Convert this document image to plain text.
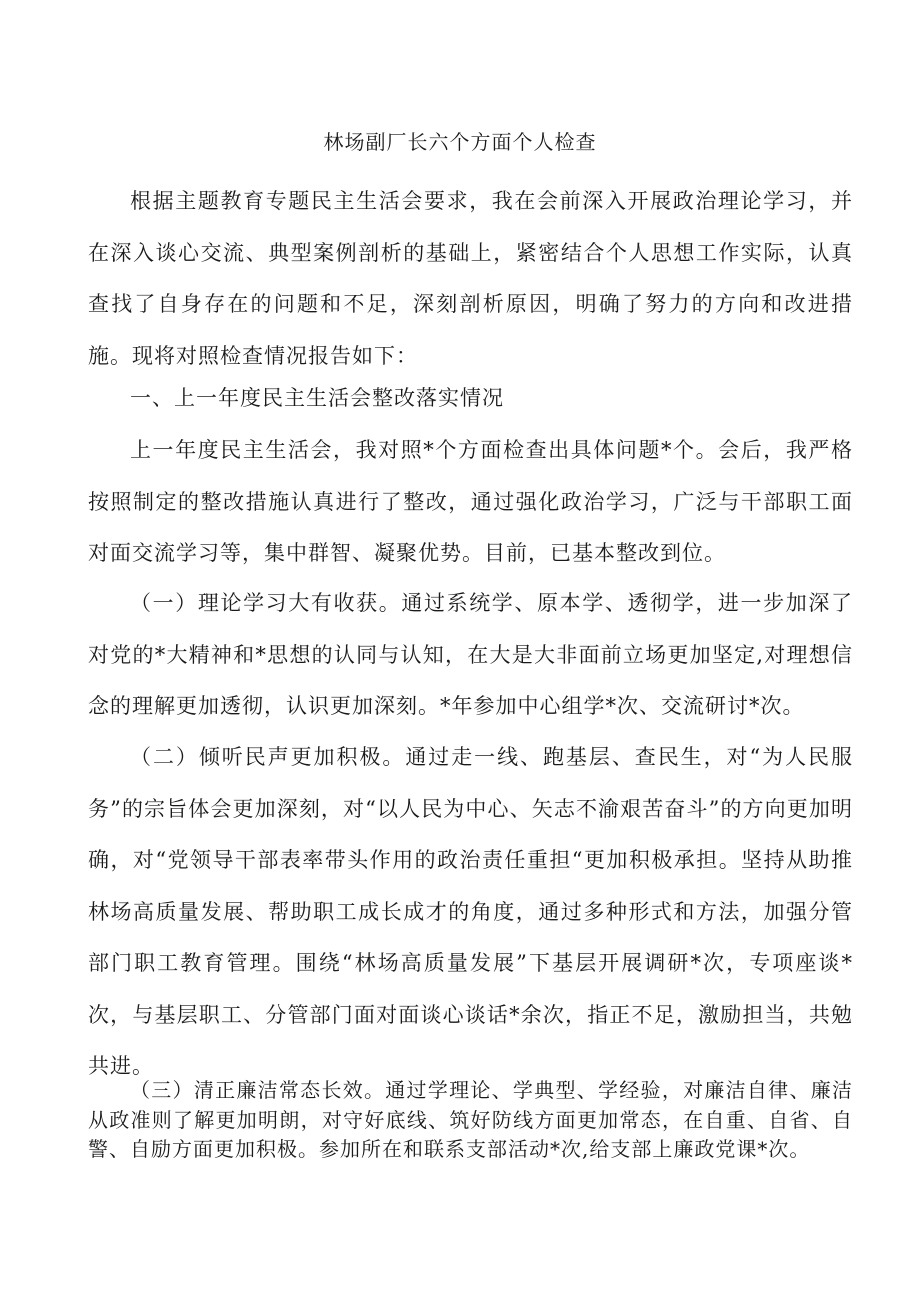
林场副厂长六个方面个人检查

根据主题教育专题民主生活会要求，我在会前深入开展政治理论学习，并在深入谈心交流、典型案例剖析的基础上，紧密结合个人思想工作实际，认真查找了自身存在的问题和不足，深刻剖析原因，明确了努力的方向和改进措施。现将对照检查情况报告如下：

一、上一年度民主生活会整改落实情况

上一年度民主生活会，我对照*个方面检查出具体问题*个。会后，我严格按照制定的整改措施认真进行了整改，通过强化政治学习，广泛与干部职工面对面交流学习等，集中群智、凝聚优势。目前，已基本整改到位。

（一）理论学习大有收获。通过系统学、原本学、透彻学，进一步加深了对党的*大精神和*思想的认同与认知，在大是大非面前立场更加坚定,对理想信念的理解更加透彻，认识更加深刻。*年参加中心组学*次、交流研讨*次。

（二）倾听民声更加积极。通过走一线、跑基层、查民生，对“为人民服务”的宗旨体会更加深刻，对“以人民为中心、矢志不渝艰苦奋斗”的方向更加明确，对“党领导干部表率带头作用的政治责任重担“更加积极承担。坚持从助推林场高质量发展、帮助职工成长成才的角度，通过多种形式和方法，加强分管部门职工教育管理。围绕“林场高质量发展”下基层开展调研*次，专项座谈*次，与基层职工、分管部门面对面谈心谈话*余次，指正不足，激励担当，共勉共进。

（三）清正廉洁常态长效。通过学理论、学典型、学经验，对廉洁自律、廉洁从政准则了解更加明朗，对守好底线、筑好防线方面更加常态，在自重、自省、自警、自励方面更加积极。参加所在和联系支部活动*次,给支部上廉政党课*次。
